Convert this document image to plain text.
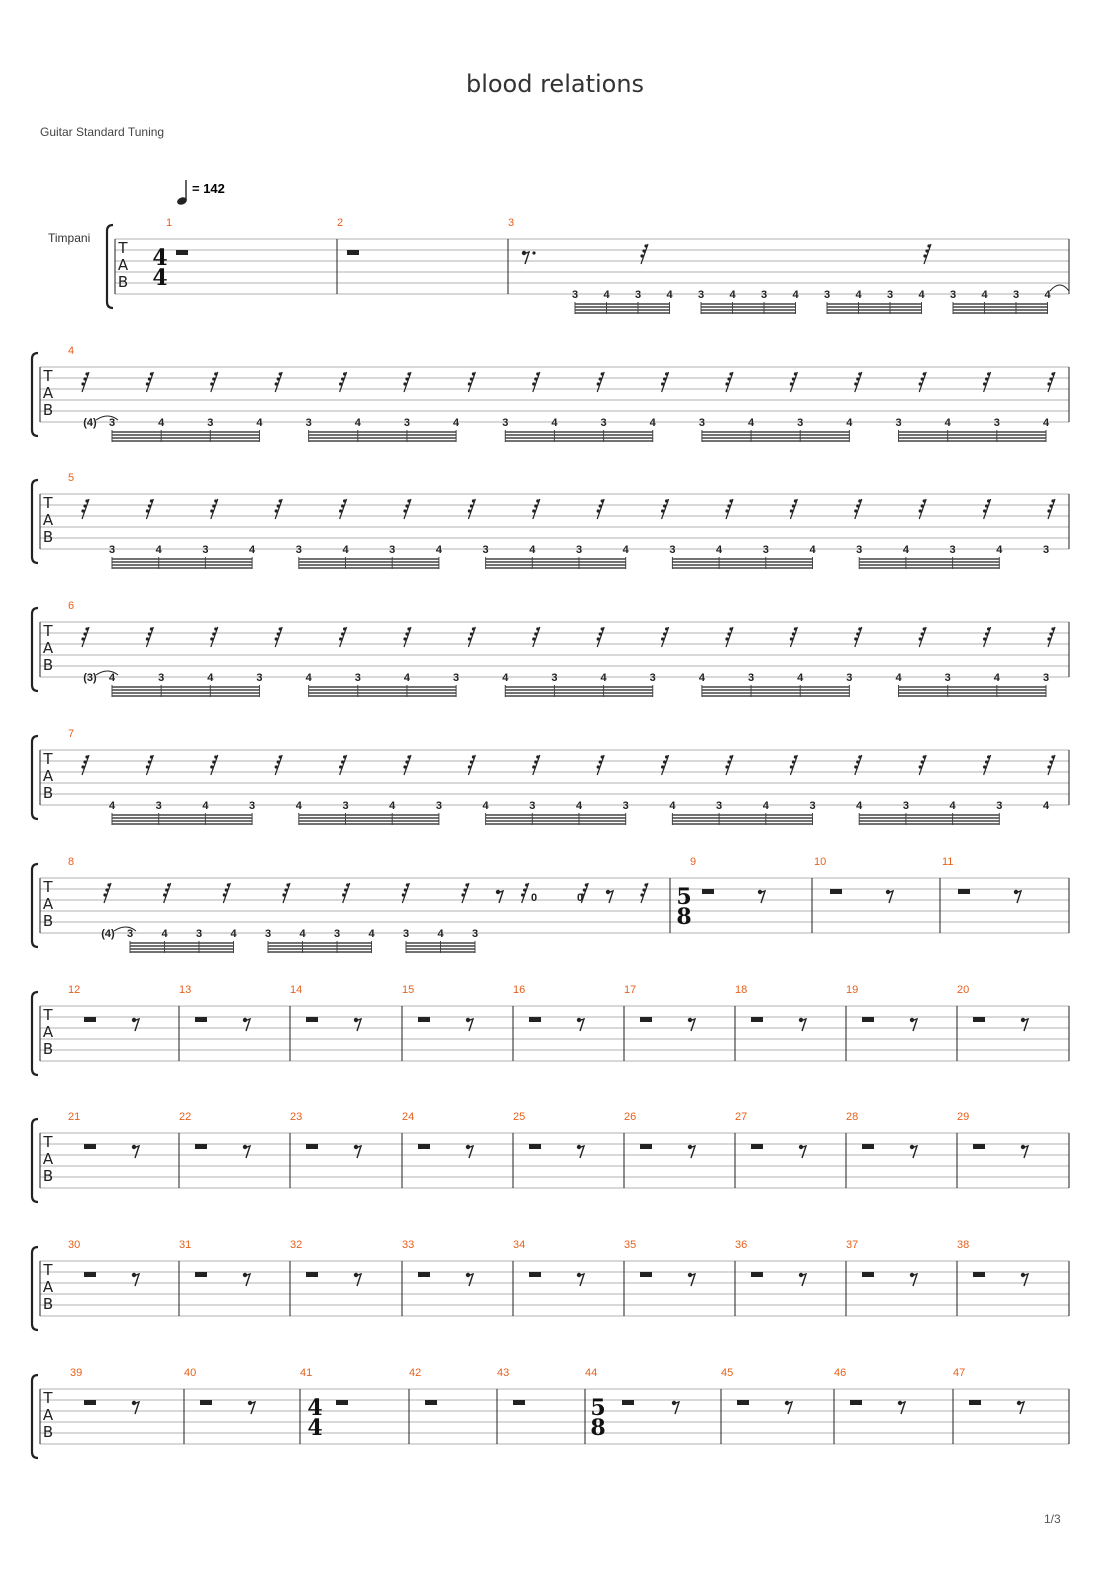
blood relations
Guitar Standard Tuning
1/3
= 142
Timpani
T
A
B
4
4
1	2	3
3 4 3 4 3 4 3 4 3 4 3 4 3 4 3 4
T
A
B
4
3	4	3	4	3	4	3	4	3	4	3	4	3	4	3	4	3	4	3	4
(4)
T
A
B
5
3	4	3	4	3	4	3	4	3	4	3	4	3	4	3	4	3	4	3	4	3
T
A
B
6
4	3	4	3	4	3	4	3	4	3	4	3	4	3	4	3	4	3	4	3
(3)
T
A
B
7
4	3	4	3	4	3	4	3	4	3	4	3	4	3	4	3	4	3	4	3	4
T
A
B
8
3	4	3	4	3	4	3	4	3	4	3
(4)
0	0	5
8
9	10	11
T
A
B
12	13	14	15	16	17	18	19	20
T
A
B
21	22	23	24	25	26	27	28	29
T
A
B
30	31	32	33	34	35	36	37	38
T
A
B
39	40	41
4
4
42	43	44
5
8
45	46	47
